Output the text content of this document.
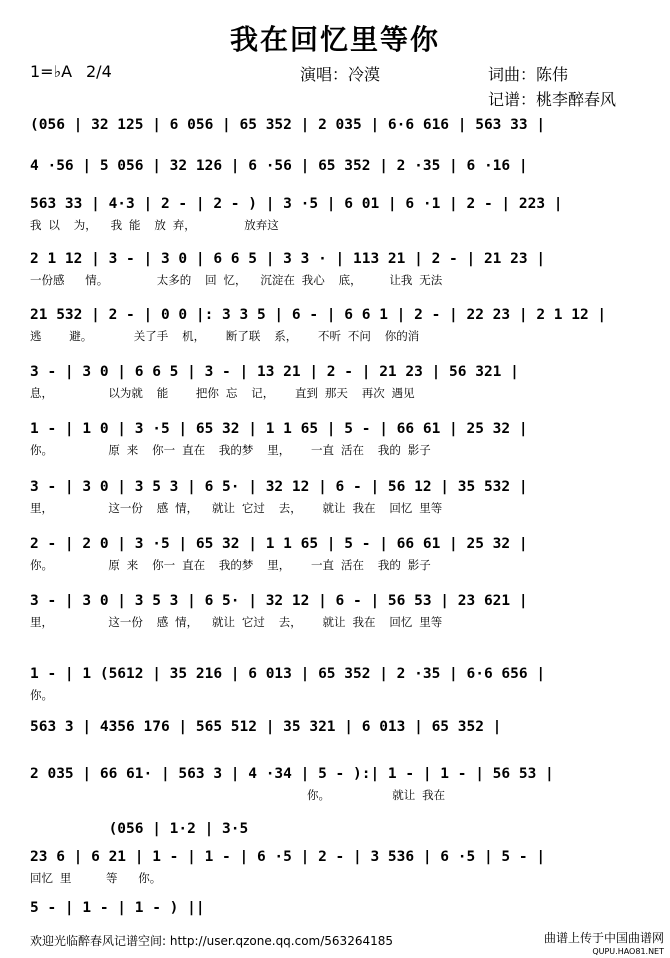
我在回忆里等你
1=♭A 2/4	演唱：冷漠	词曲：陈伟
记谱：桃李醉春风
(056 | 32 125 | 6 056 | 65 352 | 2 035 | 6·6 616 | 563 33 |
4 ·56 | 5 056 | 32 126 | 6 ·56 | 65 352 | 2 ·35 | 6 ·16 |
563 33 | 4·3 | 2 - | 2 - ) | 3 ·5 | 6 01 | 6 ·1 | 2 - | 223 |
我 以  为，  我 能  放 弃，       放弃这
2 1 12 | 3 - | 3 0 | 6 6 5 | 3 3 · | 113 21 | 2 - | 21 23 |
一份感   情。       太多的  回 忆，  沉淀在 我心  底，    让我 无法
21 532 | 2 - | 0 0 |: 3 3 5 | 6 - | 6 6 1 | 2 - | 22 23 | 2 1 12 |
逃    避。      关了手  机，   断了联  系，   不听 不问  你的消
3 - | 3 0 | 6 6 5 | 3 - | 13 21 | 2 - | 21 23 | 56 321 |
息，        以为就  能    把你 忘  记，   直到 那天  再次 遇见
1 - | 1 0 | 3 ·5 | 65 32 | 1 1 65 | 5 - | 66 61 | 25 32 |
你。        原 来  你一 直在  我的梦  里，   一直 活在  我的 影子
3 - | 3 0 | 3 5 3 | 6 5· | 32 12 | 6 - | 56 12 | 35 532 |
里，        这一份  感 情，  就让 它过  去，   就让 我在  回忆 里等
2 - | 2 0 | 3 ·5 | 65 32 | 1 1 65 | 5 - | 66 61 | 25 32 |
你。        原 来  你一 直在  我的梦  里，   一直 活在  我的 影子
3 - | 3 0 | 3 5 3 | 6 5· | 32 12 | 6 - | 56 53 | 23 621 |
里，        这一份  感 情，  就让 它过  去，   就让 我在  回忆 里等
1 - | 1 (5612 | 35 216 | 6 013 | 65 352 | 2 ·35 | 6·6 656 |
你。
563 3 | 4356 176 | 565 512 | 35 321 | 6 013 | 65 352 |
2 035 | 66 61· | 563 3 | 4 ·34 | 5 - ):| 1 - | 1 - | 56 53 |
你。         就让 我在
(056 | 1·2 | 3·5
23 6 | 6 21 | 1 - | 1 - | 6 ·5 | 2 - | 3 536 | 6 ·5 | 5 - |
回忆 里     等   你。
5 - | 1 - | 1 - ) ||
欢迎光临醉春风记谱空间: http://user.qzone.qq.com/563264185	曲谱上传于中国曲谱网
QUPU.HAO81.NET
